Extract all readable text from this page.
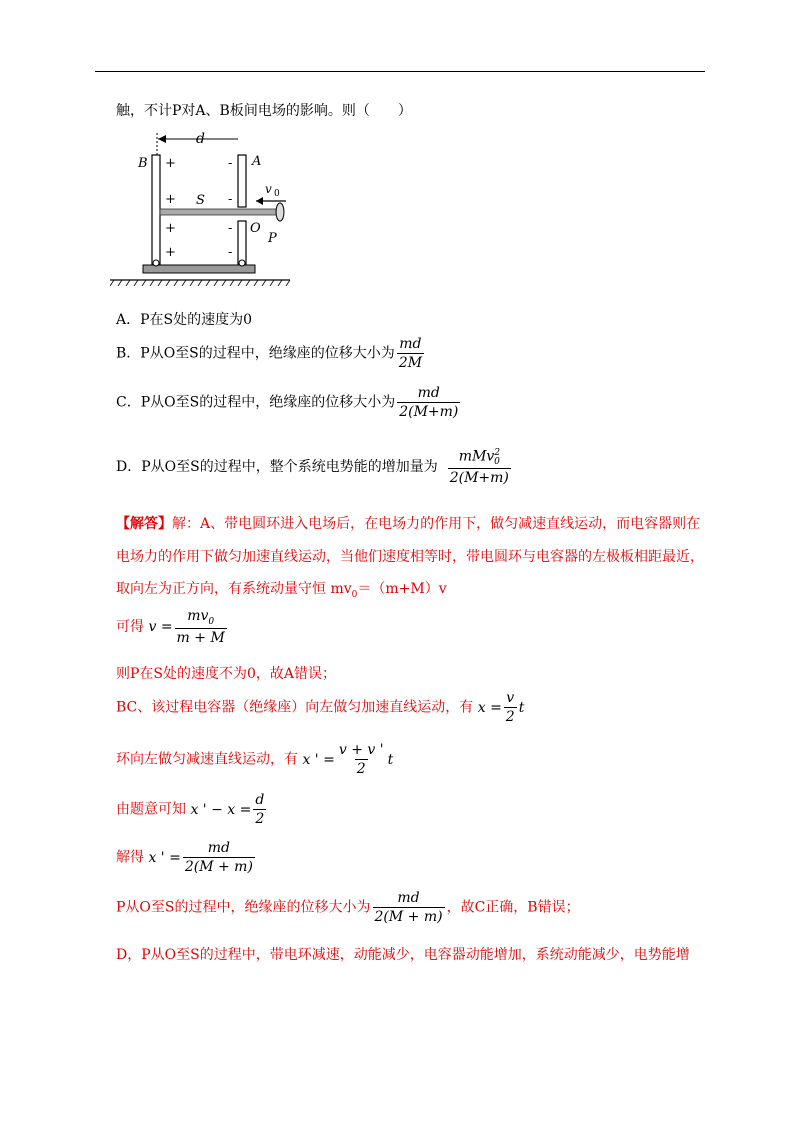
触，不计P对A、B板间电场的影响。则（　　）
d
B +
+
+
+
A
-
-
-
-
S
O
P
v 0
A．P在S处的速度为0
B．P从O至S的过程中，绝缘座的位移大小为 $\frac{md}{2M}$
C．P从O至S的过程中，绝缘座的位移大小为 $\frac{md}{2(M+m)}$
D．P从O至S的过程中，整个系统电势能的增加量为 $\frac{mMv^2_0}{2(M+m)}$
【解答】解：A、带电圆环进入电场后，在电场力的作用下，做匀减速直线运动，而电容器则在
电场力的作用下做匀加速直线运动，当他们速度相等时，带电圆环与电容器的左极板相距最近，
取向左为正方向，有系统动量守恒 $mv_0=(m+M)v$
可得 $v = \frac{mv_0}{m + M}$
则P在S处的速度不为0，故A错误；
BC、该过程电容器（绝缘座）向左做匀加速直线运动，有 $x = \frac{v}{2}$ t
环向左做匀减速直线运动，有 x ' = $\frac{v + v '}{2}$ t
由题意可知 x ' − $x = \frac{d}{2}$
解得 x ' = $\frac{md}{2(M + m)}$
P从O至S的过程中，绝缘座的位移大小为 $\frac{md}{2(M + m)}$ ，故C正确，B错误；
D，P从O至S的过程中，带电环减速，动能减少，电容器动能增加，系统动能减少，电势能增
